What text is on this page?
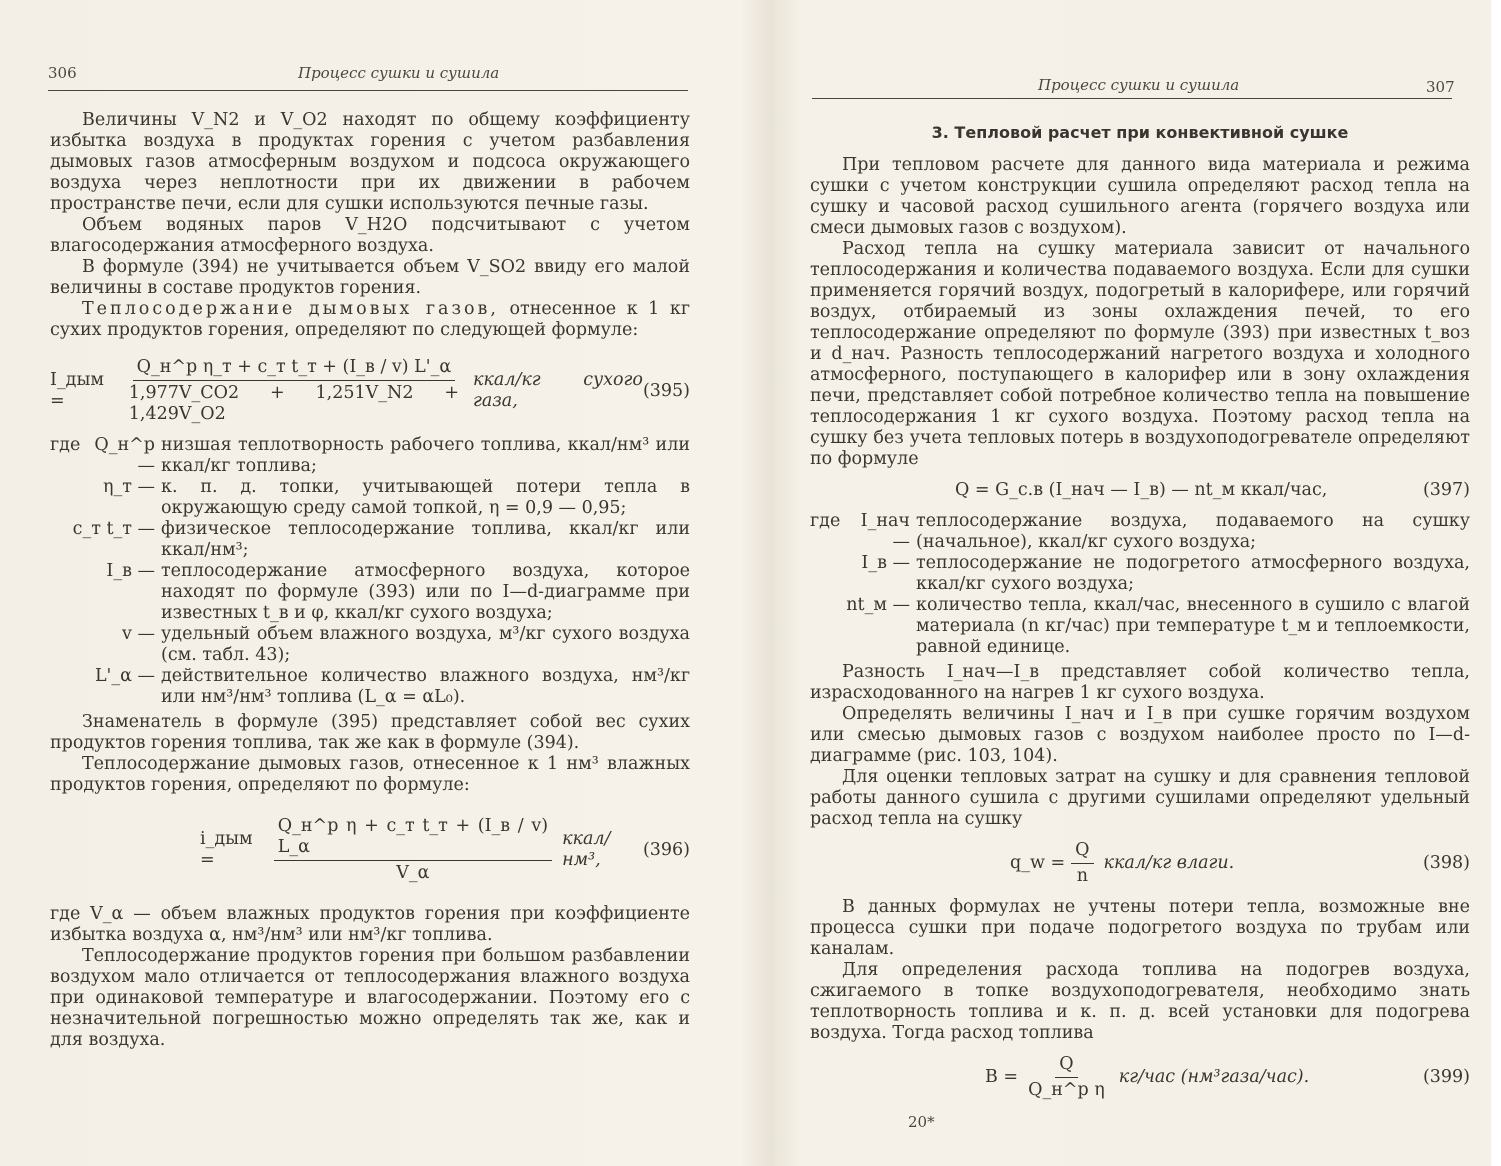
306	Процесс сушки и сушила

Величины V_N2 и V_O2 находят по общему коэффициенту избытка воздуха в продуктах горения с учетом разбавления дымовых газов атмосферным воздухом и подсоса окружающего воздуха через неплотности при их движении в рабочем пространстве печи, если для сушки используются печные газы.

Объем водяных паров V_H2O подсчитывают с учетом влагосодержания атмосферного воздуха.

В формуле (394) не учитывается объем V_SO2 ввиду его малой величины в составе продуктов горения.

Теплосодержание дымовых газов, отнесенное к 1 кг сухих продуктов горения, определяют по следующей формуле:

I_дым =	$\frac{\text{Q\_н\textasciicircum{}р η\_т + c\_т t\_т + (I\_в / v) L'\_α}}{1,977V\_CO2 + 1,251V\_N2 + 1,429V\_O2}$ ккал/кг сухого газа,
(395)
где Q_н^р —
низшая теплотворность рабочего топлива, ккал/нм³ или ккал/кг топлива;
η_т — к. п. д. топки, учитывающей потери тепла в окружающую среду самой топкой, η = 0,9 — 0,95;
c_т t_т — физическое теплосодержание топлива, ккал/кг или ккал/нм³;
I_в — теплосодержание атмосферного воздуха, которое находят по формуле (393) или по I—d-диаграмме при известных t_в и φ, ккал/кг сухого воздуха;
v — удельный объем влажного воздуха, м³/кг сухого воздуха (см. табл. 43);
L'_α — действительное количество влажного воздуха, нм³/кг или нм³/нм³ топлива (L_α = αL₀).

Знаменатель в формуле (395) представляет собой вес сухих продуктов горения топлива, так же как в формуле (394).

Теплосодержание дымовых газов, отнесенное к 1 нм³ влажных продуктов горения, определяют по формуле:

i_дым =	$\frac{\text{Q\_н\textasciicircum{}р η + c\_т t\_т + (I\_в / v) L\_α}}{V\_\alpha}$ ккал/нм³,
(396)

где V_α — объем влажных продуктов горения при коэффициенте избытка воздуха α, нм³/нм³ или нм³/кг топлива.

Теплосодержание продуктов горения при большом разбавлении воздухом мало отличается от теплосодержания влажного воздуха при одинаковой температуре и влагосодержании. Поэтому его с незначительной погрешностью можно определять так же, как и для воздуха.

Процесс сушки и сушила	307
3. Тепловой расчет при конвективной сушке

При тепловом расчете для данного вида материала и режима сушки с учетом конструкции сушила определяют расход тепла на сушку и часовой расход сушильного агента (горячего воздуха или смеси дымовых газов с воздухом).

Расход тепла на сушку материала зависит от начального теплосодержания и количества подаваемого воздуха. Если для сушки применяется горячий воздух, подогретый в калорифере, или горячий воздух, отбираемый из зоны охлаждения печей, то его теплосодержание определяют по формуле (393) при известных t_воз и d_нач. Разность теплосодержаний нагретого воздуха и холодного атмосферного, поступающего в калорифер или в зону охлаждения печи, представляет собой потребное количество тепла на повышение теплосодержания 1 кг сухого воздуха. Поэтому расход тепла на сушку без учета тепловых потерь в воздухоподогревателе определяют по формуле

Q = G_с.в (I_нач — I_в) — nt_м ккал/час,	(397)
где I_нач —
теплосодержание воздуха, подаваемого на сушку (начальное), ккал/кг сухого воздуха;
I_в — теплосодержание не подогретого атмосферного воздуха, ккал/кг сухого воздуха;
nt_м — количество тепла, ккал/час, внесенного в сушило с влагой материала (n кг/час) при температуре t_м и теплоемкости, равной единице.

Разность I_нач—I_в представляет собой количество тепла, израсходованного на нагрев 1 кг сухого воздуха.

Определять величины I_нач и I_в при сушке горячим воздухом или смесью дымовых газов с воздухом наиболее просто по I—d-диаграмме (рис. 103, 104).

Для оценки тепловых затрат на сушку и для сравнения тепловой работы данного сушила с другими сушилами определяют удельный расход тепла на сушку

q_w = $\frac{Q}{n}$ ккал/кг влаги.	(398)

В данных формулах не учтены потери тепла, возможные вне процесса сушки при подаче подогретого воздуха по трубам или каналам.

Для определения расхода топлива на подогрев воздуха, сжигаемого в топке воздухоподогревателя, необходимо знать теплотворность топлива и к. п. д. всей установки для подогрева воздуха. Тогда расход топлива

$B = \frac{Q}{\text{Q\_н\textasciicircum{}р η}} кг/час$ (нм³газа/час).	(399)
20*
